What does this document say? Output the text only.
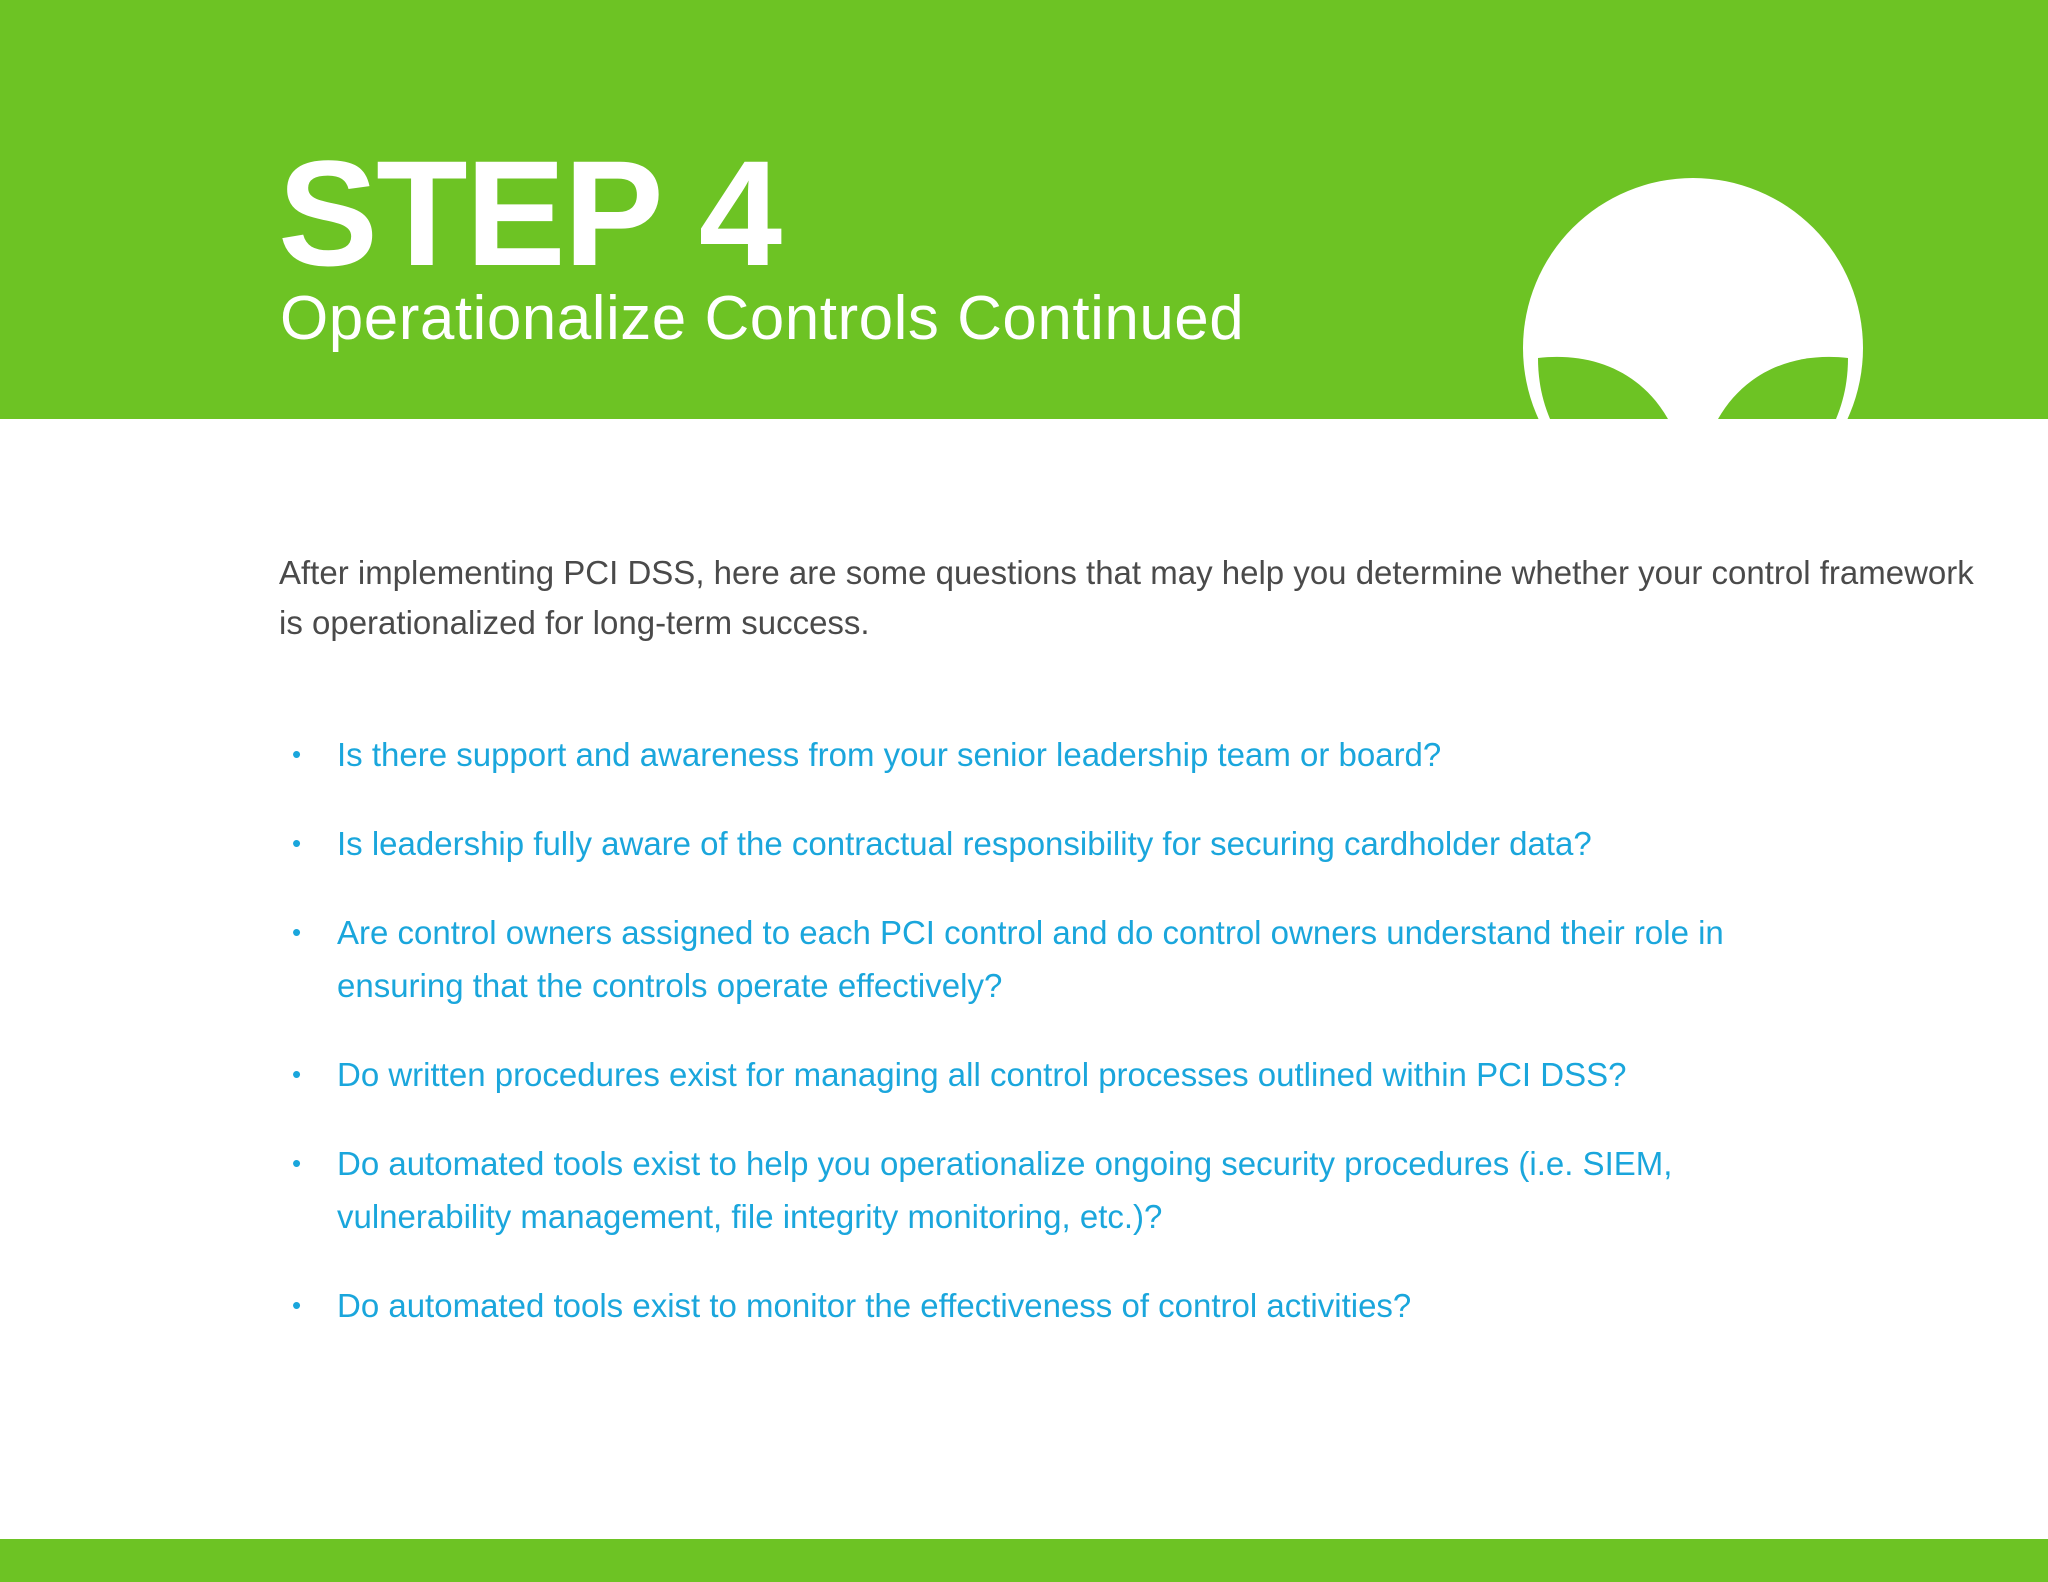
STEP 4
Operationalize Controls Continued

After implementing PCI DSS, here are some questions that may help you determine whether your control framework is operationalized for long-term success.

• Is there support and awareness from your senior leadership team or board?
• Is leadership fully aware of the contractual responsibility for securing cardholder data?
• Are control owners assigned to each PCI control and do control owners understand their role in ensuring that the controls operate effectively?
• Do written procedures exist for managing all control processes outlined within PCI DSS?
• Do automated tools exist to help you operationalize ongoing security procedures (i.e. SIEM, vulnerability management, file integrity monitoring, etc.)?
• Do automated tools exist to monitor the effectiveness of control activities?
